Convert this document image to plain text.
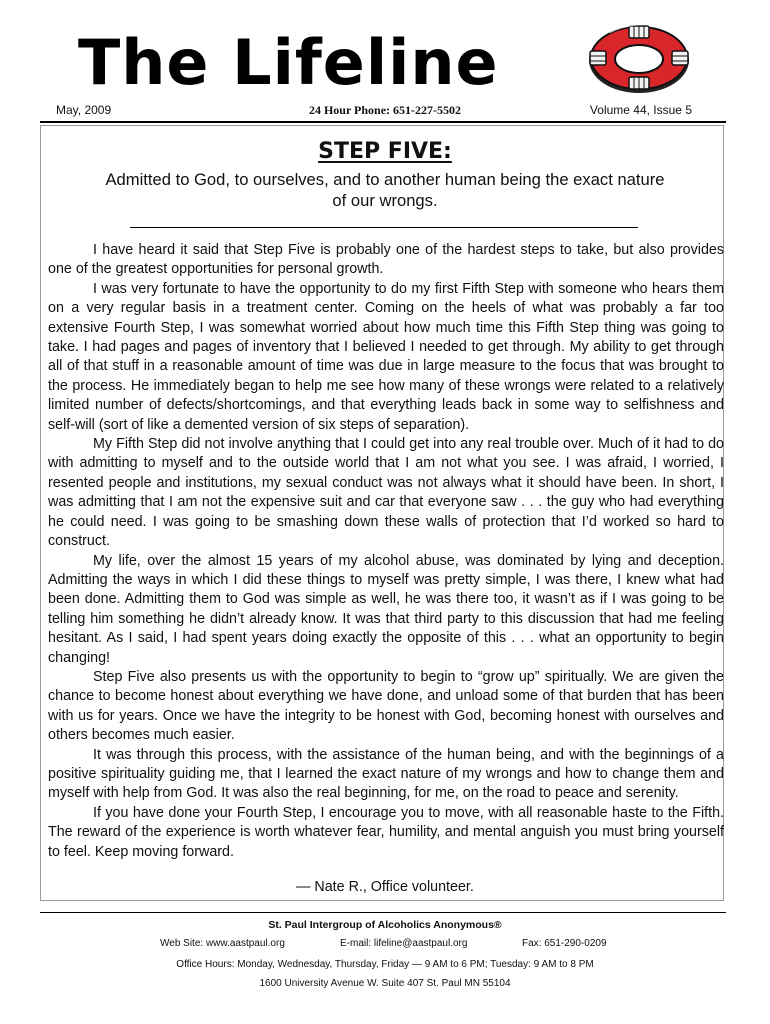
The Lifeline
May, 2009	24 Hour Phone: 651-227-5502	Volume 44, Issue 5
STEP FIVE:

Admitted to God, to ourselves, and to another human being the exact nature of our wrongs.

I have heard it said that Step Five is probably one of the hardest steps to take, but also provides one of the greatest opportunities for personal growth.

I was very fortunate to have the opportunity to do my first Fifth Step with someone who hears them on a very regular basis in a treatment center. Coming on the heels of what was probably a far too extensive Fourth Step, I was somewhat worried about how much time this Fifth Step thing was going to take. I had pages and pages of inventory that I believed I needed to get through. My ability to get through all of that stuff in a reasonable amount of time was due in large measure to the focus that was brought to the process. He immediately began to help me see how many of these wrongs were related to a relatively limited number of defects/shortcomings, and that everything leads back in some way to selfishness and self-will (sort of like a demented version of six steps of separation).

My Fifth Step did not involve anything that I could get into any real trouble over. Much of it had to do with admitting to myself and to the outside world that I am not what you see. I was afraid, I worried, I resented people and institutions, my sexual conduct was not always what it should have been. In short, I was admitting that I am not the expensive suit and car that everyone saw . . . the guy who had everything he could need. I was going to be smashing down these walls of protection that I’d worked so hard to construct.

My life, over the almost 15 years of my alcohol abuse, was dominated by lying and deception. Admitting the ways in which I did these things to myself was pretty simple, I was there, I knew what had been done. Admitting them to God was simple as well, he was there too, it wasn’t as if I was going to be telling him something he didn’t already know. It was that third party to this discussion that had me feeling hesitant. As I said, I had spent years doing exactly the opposite of this . . . what an opportunity to begin changing!

Step Five also presents us with the opportunity to begin to “grow up” spiritually. We are given the chance to become honest about everything we have done, and unload some of that burden that has been with us for years. Once we have the integrity to be honest with God, becoming honest with ourselves and others becomes much easier.

It was through this process, with the assistance of the human being, and with the beginnings of a positive spirituality guiding me, that I learned the exact nature of my wrongs and how to change them and myself with help from God. It was also the real beginning, for me, on the road to peace and serenity.

If you have done your Fourth Step, I encourage you to move, with all reasonable haste to the Fifth. The reward of the experience is worth whatever fear, humility, and mental anguish you must bring yourself to feel. Keep moving forward.

— Nate R., Office volunteer.
St. Paul Intergroup of Alcoholics Anonymous®
Web Site: www.aastpaul.org	E-mail: lifeline@aastpaul.org	Fax: 651-290-0209
Office Hours: Monday, Wednesday, Thursday, Friday — 9 AM to 6 PM; Tuesday: 9 AM to 8 PM
1600 University Avenue W. Suite 407 St. Paul MN 55104
